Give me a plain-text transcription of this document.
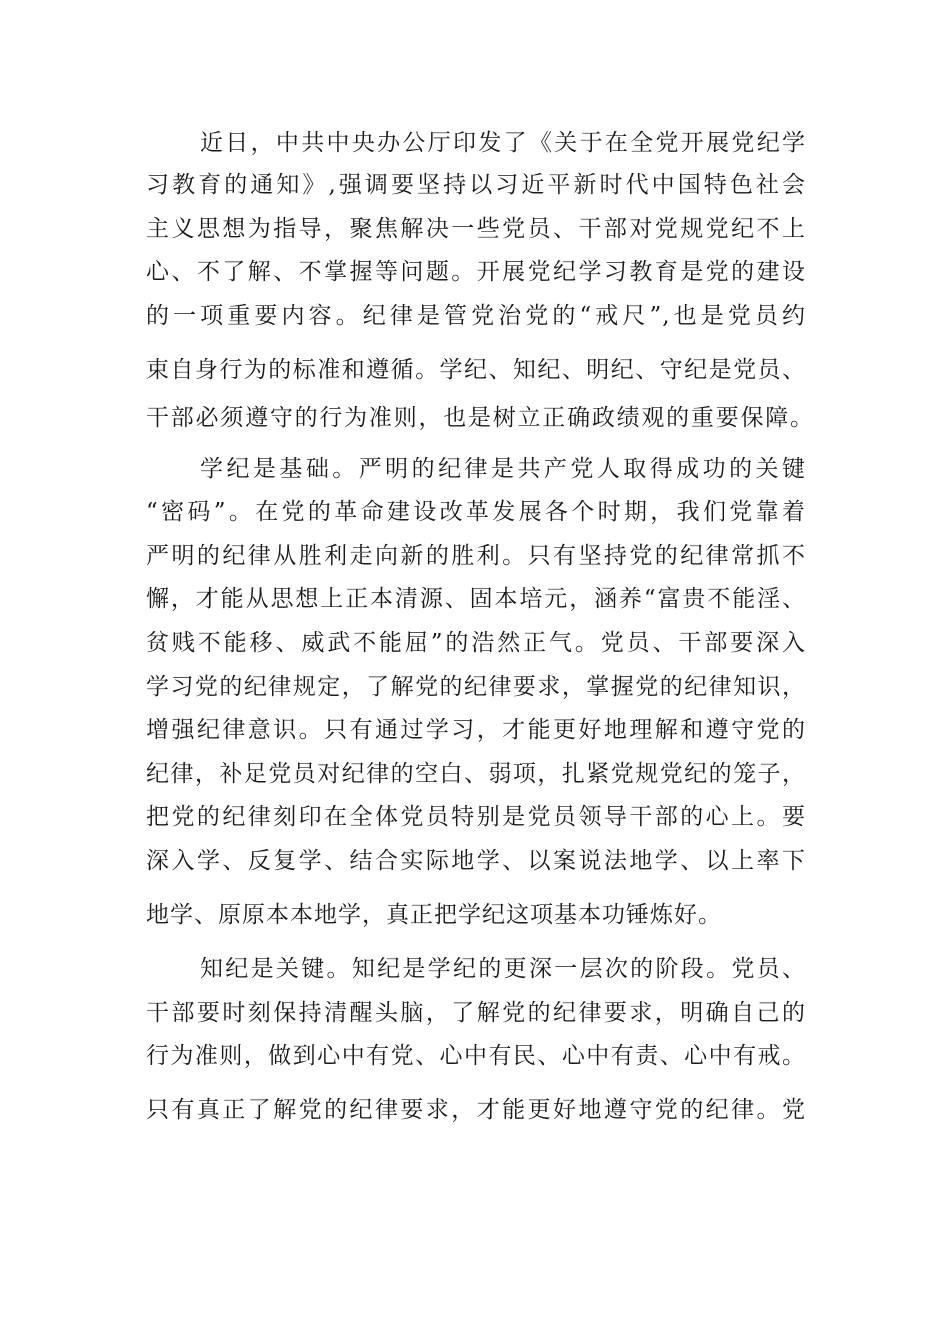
近日，中共中央办公厅印发了《关于在全党开展党纪学
习教育的通知》,强调要坚持以习近平新时代中国特色社会
主义思想为指导，聚焦解决一些党员、干部对党规党纪不上
心、不了解、不掌握等问题。开展党纪学习教育是党的建设
的一项重要内容。纪律是管党治党的“戒尺”,也是党员约
束自身行为的标准和遵循。学纪、知纪、明纪、守纪是党员、
干部必须遵守的行为准则，也是树立正确政绩观的重要保障。
学纪是基础。严明的纪律是共产党人取得成功的关键
“密码”。在党的革命建设改革发展各个时期，我们党靠着
严明的纪律从胜利走向新的胜利。只有坚持党的纪律常抓不
懈，才能从思想上正本清源、固本培元，涵养“富贵不能淫、
贫贱不能移、威武不能屈”的浩然正气。党员、干部要深入
学习党的纪律规定，了解党的纪律要求，掌握党的纪律知识，
增强纪律意识。只有通过学习，才能更好地理解和遵守党的
纪律，补足党员对纪律的空白、弱项，扎紧党规党纪的笼子，
把党的纪律刻印在全体党员特别是党员领导干部的心上。要
深入学、反复学、结合实际地学、以案说法地学、以上率下
地学、原原本本地学，真正把学纪这项基本功锤炼好。
知纪是关键。知纪是学纪的更深一层次的阶段。党员、
干部要时刻保持清醒头脑，了解党的纪律要求，明确自己的
行为准则，做到心中有党、心中有民、心中有责、心中有戒。
只有真正了解党的纪律要求，才能更好地遵守党的纪律。党
